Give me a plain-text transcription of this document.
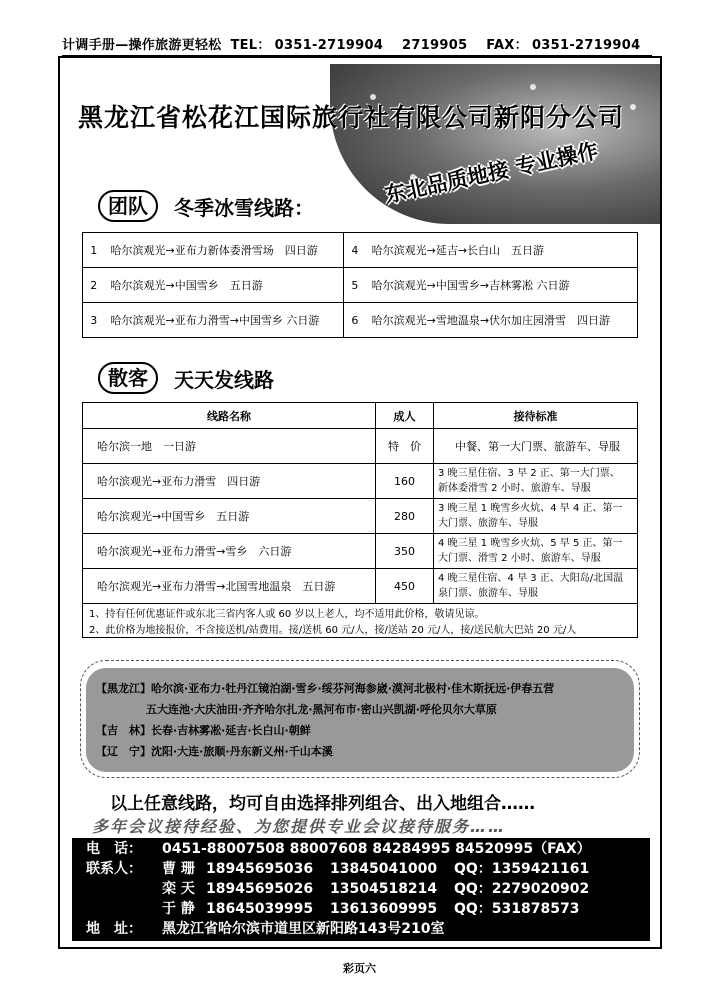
计调手册—操作旅游更轻松 TEL： 0351-2719904 2719905 FAX： 0351-2719904
黑龙江省松花江国际旅行社有限公司新阳分公司
东北品质地接 专业操作
团队	冬季冰雪线路：
1	哈尔滨观光→亚布力新体委滑雪场　四日游	4	哈尔滨观光→延吉→长白山　五日游
2	哈尔滨观光→中国雪乡　五日游	5	哈尔滨观光→中国雪乡→吉林雾凇 六日游
3	哈尔滨观光→亚布力滑雪→中国雪乡 六日游	6	哈尔滨观光→雪地温泉→伏尔加庄园滑雪　四日游
散客	天天发线路
线路名称	成人	接待标准
哈尔滨一地　一日游	特　价	中餐、第一大门票、旅游车、导服
哈尔滨观光→亚布力滑雪　四日游	160	3 晚三星住宿、3 早 2 正、第一大门票、
新体委滑雪 2 小时、旅游车、导服

哈尔滨观光→中国雪乡　五日游	280	3 晚三星 1 晚雪乡火炕、4 早 4 正、第一
大门票、旅游车、导服

哈尔滨观光→亚布力滑雪→雪乡　六日游	350	4 晚三星 1 晚雪乡火炕、5 早 5 正、第一
大门票、滑雪 2 小时、旅游车、导服

哈尔滨观光→亚布力滑雪→北国雪地温泉　五日游	450	4 晚三星住宿、4 早 3 正、大阳岛/北国温
泉门票、旅游车、导服

1、持有任何优惠证件或东北三省内客人或 60 岁以上老人，均不适用此价格，敬请见谅。		
2、此价格为地接报价，不含接送机/站费用。接/送机 60 元/人，接/送站 20 元/人，接/送民航大巴站 20 元/人		
【黑龙江】哈尔滨·亚布力·牡丹江镜泊湖·雪乡·绥芬河海参崴·漠河北极村·佳木斯抚远·伊春五营
五大连池·大庆油田·齐齐哈尔扎龙·黑河布市·密山兴凯湖·呼伦贝尔大草原
【吉　林】长春·吉林雾凇·延吉·长白山·朝鲜
【辽　宁】沈阳·大连·旅顺·丹东新义州·千山本溪
以上任意线路，均可自由选择排列组合、出入地组合……
多年会议接待经验、为您提供专业会议接待服务……
电　话：	0451-88007508 88007608 84284995 84520995（FAX）
联系人：	曹 珊 18945695036	13845041000	QQ：1359421161
栾 天 18945695026	13504518214	QQ：2279020902
于 静 18645039995	13613609995	QQ：531878573
地　址：	黑龙江省哈尔滨市道里区新阳路143号210室
彩页六
